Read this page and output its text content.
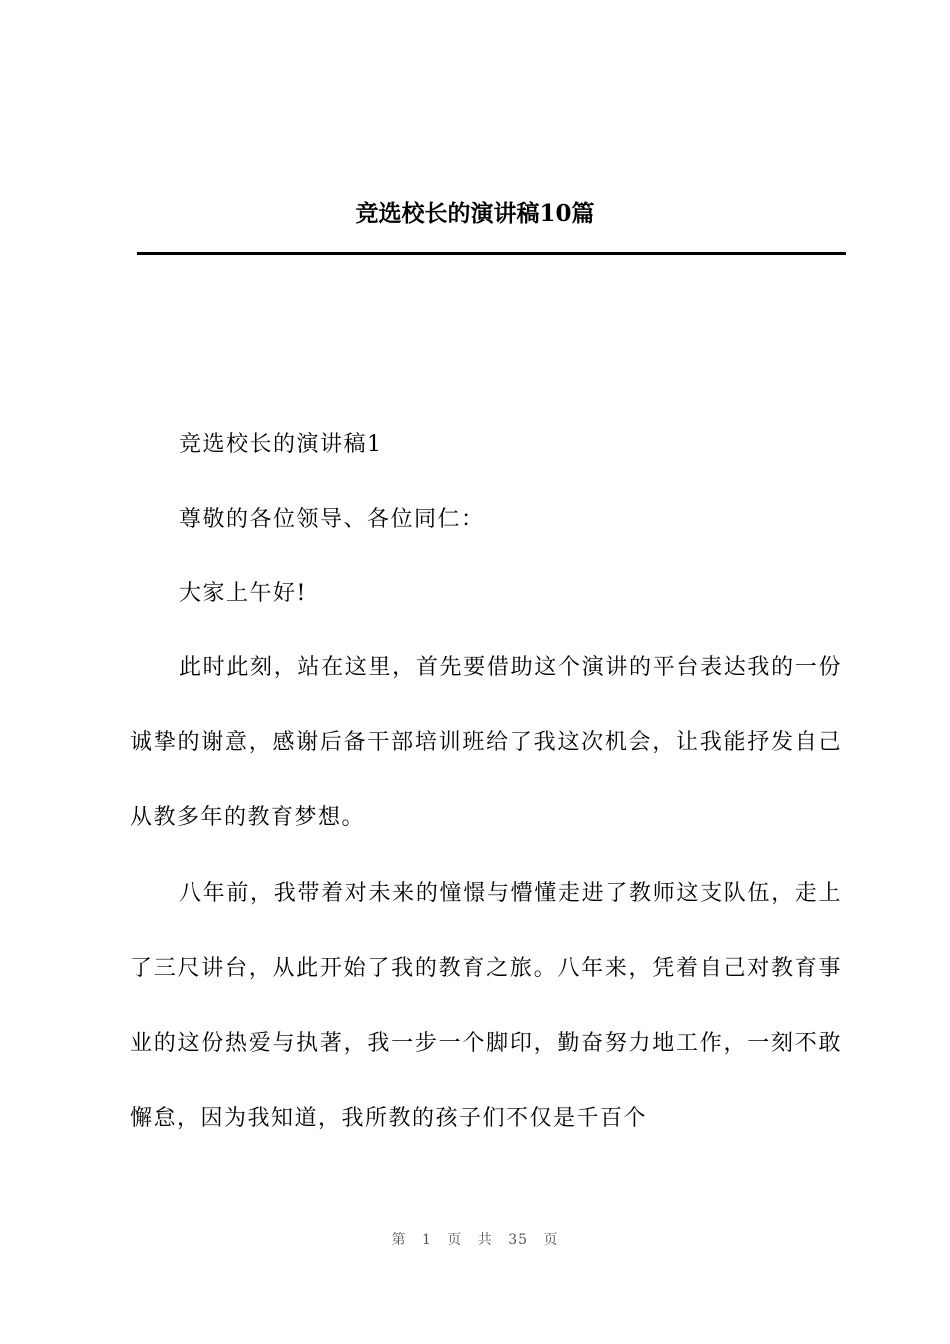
竞选校长的演讲稿10篇

竞选校长的演讲稿1

尊敬的各位领导、各位同仁：

大家上午好!

此时此刻，站在这里，首先要借助这个演讲的平台表达我的一份诚挚的谢意，感谢后备干部培训班给了我这次机会，让我能抒发自己从教多年的教育梦想。

八年前，我带着对未来的憧憬与懵懂走进了教师这支队伍，走上了三尺讲台，从此开始了我的教育之旅。八年来，凭着自己对教育事业的这份热爱与执著，我一步一个脚印，勤奋努力地工作，一刻不敢懈怠，因为我知道，我所教的孩子们不仅是千百个

第 1 页 共 35 页
